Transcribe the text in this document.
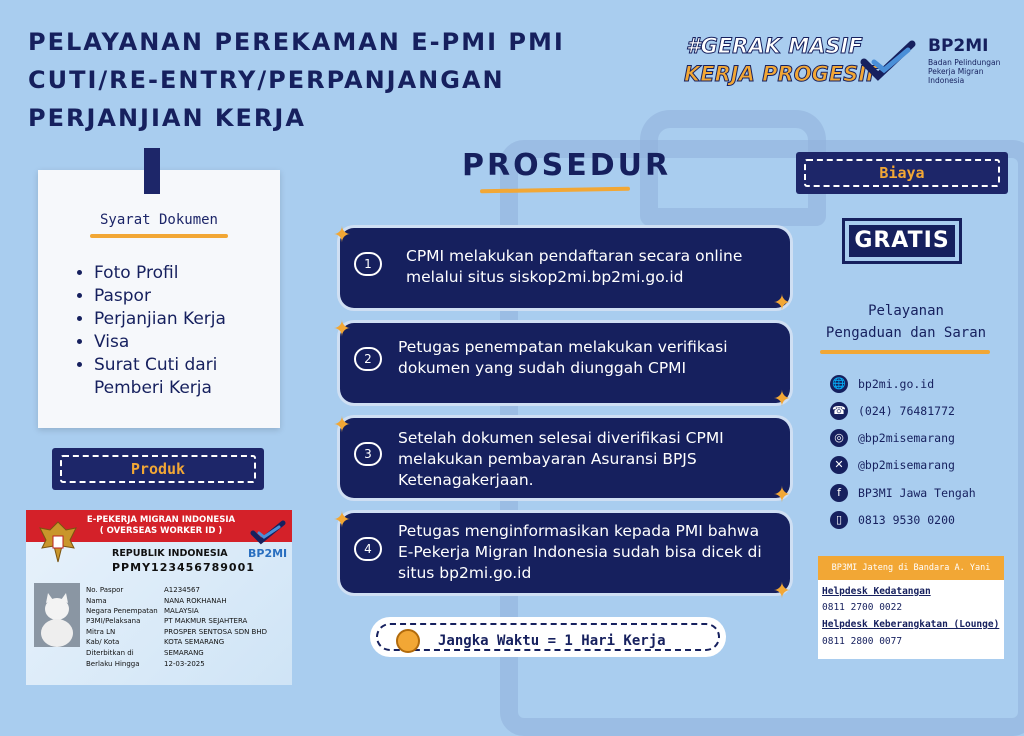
PELAYANAN PEREKAMAN E-PMI PMI
CUTI/RE-ENTRY/PERPANJANGAN
PERJANJIAN KERJA
#GERAK MASIF
KERJA PROGESIF
BP2MI
Badan Pelindungan Pekerja Migran Indonesia
Syarat Dokumen
• Foto Profil
• Paspor
• Perjanjian Kerja
• Visa
• Surat Cuti dari Pemberi Kerja
Produk
E-PEKERJA MIGRAN INDONESIA
( OVERSEAS WORKER ID )
BP2MI
REPUBLIK INDONESIA
PPMY123456789001
No. Paspor	A1234567
Nama	NANA ROKHANAH
Negara Penempatan MALAYSIA
P3MI/Pelaksana	PT MAKMUR SEJAHTERA
Mitra LN	PROSPER SENTOSA SDN BHD
Kab/ Kota	KOTA SEMARANG
Diterbitkan di	SEMARANG
Berlaku Hingga	12-03-2025
PROSEDUR
1	CPMI melakukan pendaftaran secara online melalui situs siskop2mi.bp2mi.go.id
2
Petugas penempatan melakukan verifikasi dokumen yang sudah diunggah CPMI
3
Setelah dokumen selesai diverifikasi CPMI melakukan pembayaran Asuransi BPJS Ketenagakerjaan.
4
Petugas menginformasikan kepada PMI bahwa E-Pekerja Migran Indonesia sudah bisa dicek di situs bp2mi.go.id
✦
✦
✦
✦
✦
✦
✦
✦
Jangka Waktu = 1 Hari Kerja
Biaya
GRATIS
Pelayanan
Pengaduan dan Saran
🌐 bp2mi.go.id
☎ (024) 76481772
◎	@bp2misemarang
✕	@bp2misemarang
f	BP3MI Jawa Tengah
▯	0813 9530 0200
BP3MI Jateng di Bandara A. Yani
Helpdesk Kedatangan
0811 2700 0022
Helpdesk Keberangkatan (Lounge)
0811 2800 0077
